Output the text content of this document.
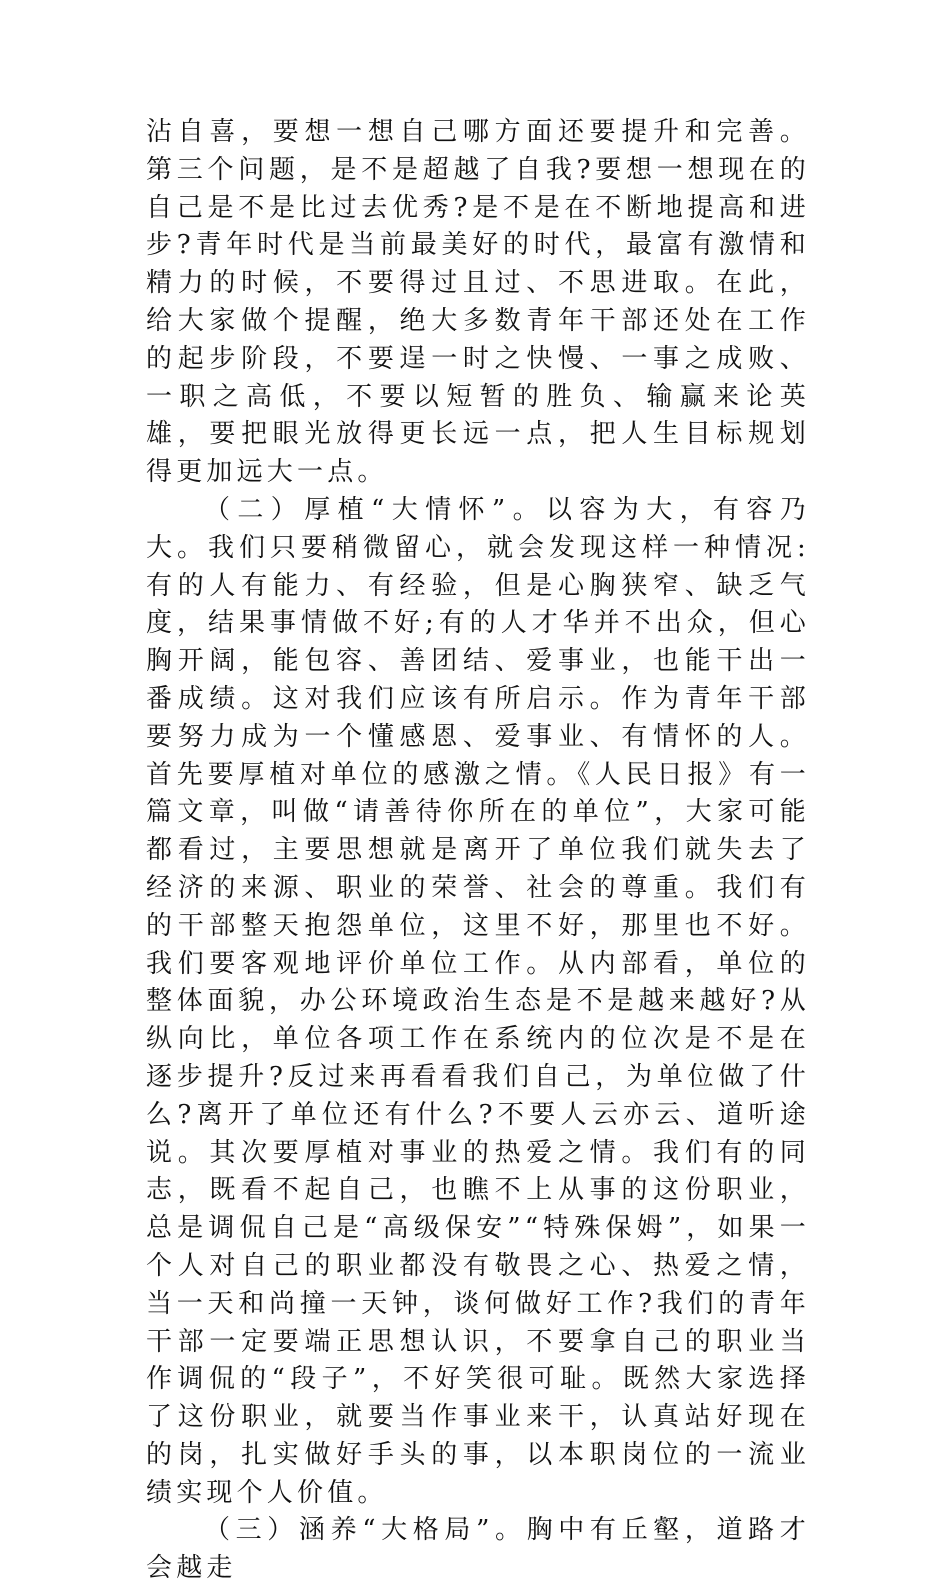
沾自喜，要想一想自己哪方面还要提升和完善。第三个问题，是不是超越了自我?要想一想现在的自己是不是比过去优秀?是不是在不断地提高和进步?青年时代是当前最美好的时代，最富有激情和精力的时候，不要得过且过、不思进取。在此，给大家做个提醒，绝大多数青年干部还处在工作的起步阶段，不要逞一时之快慢、一事之成败、一职之高低，不要以短暂的胜负、输赢来论英雄，要把眼光放得更长远一点，把人生目标规划得更加远大一点。

（二）厚植“大情怀”。以容为大，有容乃大。我们只要稍微留心，就会发现这样一种情况:有的人有能力、有经验，但是心胸狭窄、缺乏气度，结果事情做不好;有的人才华并不出众，但心胸开阔，能包容、善团结、爱事业，也能干出一番成绩。这对我们应该有所启示。作为青年干部要努力成为一个懂感恩、爱事业、有情怀的人。首先要厚植对单位的感激之情。《人民日报》有一篇文章，叫做“请善待你所在的单位”，大家可能都看过，主要思想就是离开了单位我们就失去了经济的来源、职业的荣誉、社会的尊重。我们有的干部整天抱怨单位，这里不好，那里也不好。我们要客观地评价单位工作。从内部看，单位的整体面貌，办公环境政治生态是不是越来越好?从纵向比，单位各项工作在系统内的位次是不是在逐步提升?反过来再看看我们自己，为单位做了什么?离开了单位还有什么?不要人云亦云、道听途说。其次要厚植对事业的热爱之情。我们有的同志，既看不起自己，也瞧不上从事的这份职业，总是调侃自己是“高级保安”“特殊保姆”，如果一个人对自己的职业都没有敬畏之心、热爱之情，当一天和尚撞一天钟，谈何做好工作?我们的青年干部一定要端正思想认识，不要拿自己的职业当作调侃的“段子”，不好笑很可耻。既然大家选择了这份职业，就要当作事业来干，认真站好现在的岗，扎实做好手头的事，以本职岗位的一流业绩实现个人价值。

（三）涵养“大格局”。胸中有丘壑，道路才会越走
